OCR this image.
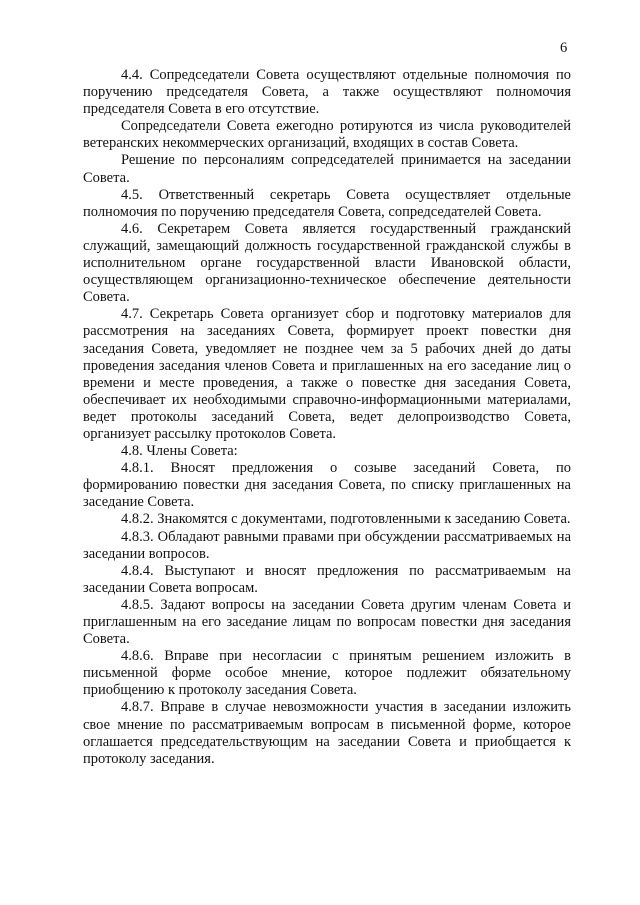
6

4.4. Сопредседатели Совета осуществляют отдельные полномочия по поручению председателя Совета, а также осуществляют полномочия председателя Совета в его отсутствие.

Сопредседатели Совета ежегодно ротируются из числа руководителей ветеранских некоммерческих организаций, входящих в состав Совета.

Решение по персоналиям сопредседателей принимается на заседании Совета.

4.5. Ответственный секретарь Совета осуществляет отдельные полномочия по поручению председателя Совета, сопредседателей Совета.

4.6. Секретарем Совета является государственный гражданский служащий, замещающий должность государственной гражданской службы в исполнительном органе государственной власти Ивановской области, осуществляющем организационно-техническое обеспечение деятельности Совета.

4.7. Секретарь Совета организует сбор и подготовку материалов для рассмотрения на заседаниях Совета, формирует проект повестки дня заседания Совета, уведомляет не позднее чем за 5 рабочих дней до даты проведения заседания членов Совета и приглашенных на его заседание лиц о времени и месте проведения, а также о повестке дня заседания Совета, обеспечивает их необходимыми справочно-информационными материалами, ведет протоколы заседаний Совета, ведет делопроизводство Совета, организует рассылку протоколов Совета.

4.8. Члены Совета:

4.8.1. Вносят предложения о созыве заседаний Совета, по формированию повестки дня заседания Совета, по списку приглашенных на заседание Совета.

4.8.2. Знакомятся с документами, подготовленными к заседанию Совета.

4.8.3. Обладают равными правами при обсуждении рассматриваемых на заседании вопросов.

4.8.4. Выступают и вносят предложения по рассматриваемым на заседании Совета вопросам.

4.8.5. Задают вопросы на заседании Совета другим членам Совета и приглашенным на его заседание лицам по вопросам повестки дня заседания Совета.

4.8.6. Вправе при несогласии с принятым решением изложить в письменной форме особое мнение, которое подлежит обязательному приобщению к протоколу заседания Совета.

4.8.7. Вправе в случае невозможности участия в заседании изложить свое мнение по рассматриваемым вопросам в письменной форме, которое оглашается председательствующим на заседании Совета и приобщается к протоколу заседания.
